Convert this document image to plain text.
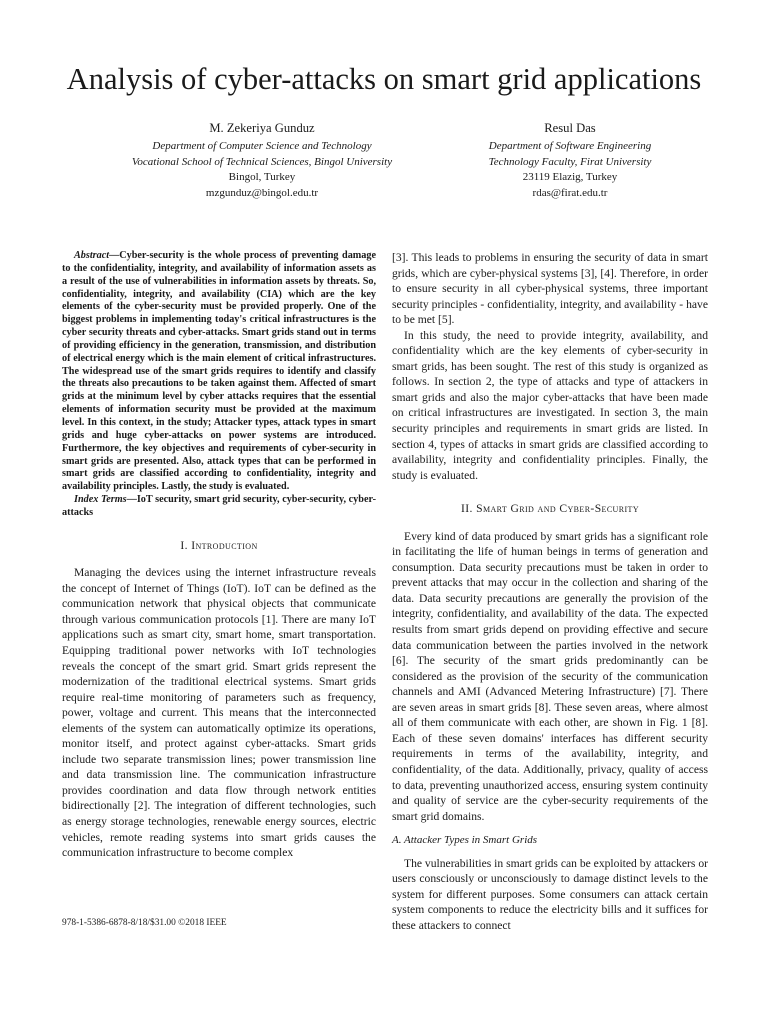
Analysis of cyber-attacks on smart grid applications
M. Zekeriya Gunduz
Department of Computer Science and Technology
Vocational School of Technical Sciences, Bingol University
Bingol, Turkey
mzgunduz@bingol.edu.tr
Resul Das
Department of Software Engineering
Technology Faculty, Firat University
23119 Elazig, Turkey
rdas@firat.edu.tr

Abstract—Cyber-security is the whole process of preventing damage to the confidentiality, integrity, and availability of information assets as a result of the use of vulnerabilities in information assets by threats. So, confidentiality, integrity, and availability (CIA) which are the key elements of the cyber-security must be provided properly. One of the biggest problems in implementing today's critical infrastructures is the cyber security threats and cyber-attacks. Smart grids stand out in terms of providing efficiency in the generation, transmission, and distribution of electrical energy which is the main element of critical infrastructures. The widespread use of the smart grids requires to identify and classify the threats also precautions to be taken against them. Affected of smart grids at the minimum level by cyber attacks requires that the essential elements of information security must be provided at the maximum level. In this context, in the study; Attacker types, attack types in smart grids and huge cyber-attacks on power systems are introduced. Furthermore, the key objectives and requirements of cyber-security in smart grids are presented. Also, attack types that can be performed in smart grids are classified according to confidentiality, integrity and availability principles. Lastly, the study is evaluated.

Index Terms—IoT security, smart grid security, cyber-security, cyber-attacks

I. Introduction

Managing the devices using the internet infrastructure reveals the concept of Internet of Things (IoT). IoT can be defined as the communication network that physical objects that communicate through various communication protocols [1]. There are many IoT applications such as smart city, smart home, smart transportation. Equipping traditional power networks with IoT technologies reveals the concept of the smart grid. Smart grids represent the modernization of the traditional electrical systems. Smart grids require real-time monitoring of parameters such as frequency, power, voltage and current. This means that the interconnected elements of the system can automatically optimize its operations, monitor itself, and protect against cyber-attacks. Smart grids include two separate transmission lines; power transmission line and data transmission line. The communication infrastructure provides coordination and data flow through network entities bidirectionally [2]. The integration of different technologies, such as energy storage technologies, renewable energy sources, electric vehicles, remote reading systems into smart grids causes the communication infrastructure to become complex

[3]. This leads to problems in ensuring the security of data in smart grids, which are cyber-physical systems [3], [4]. Therefore, in order to ensure security in all cyber-physical systems, three important security principles - confidentiality, integrity, and availability - have to be met [5].

In this study, the need to provide integrity, availability, and confidentiality which are the key elements of cyber-security in smart grids, has been sought. The rest of this study is organized as follows. In section 2, the type of attacks and type of attackers in smart grids and also the major cyber-attacks that have been made on critical infrastructures are investigated. In section 3, the main security principles and requirements in smart grids are listed. In section 4, types of attacks in smart grids are classified according to availability, integrity and confidentiality principles. Finally, the study is evaluated.

II. Smart Grid and Cyber-Security

Every kind of data produced by smart grids has a significant role in facilitating the life of human beings in terms of generation and consumption. Data security precautions must be taken in order to prevent attacks that may occur in the collection and sharing of the data. Data security precautions are generally the provision of the integrity, confidentiality, and availability of the data. The expected results from smart grids depend on providing effective and secure data communication between the parties involved in the network [6]. The security of the smart grids predominantly can be considered as the provision of the security of the communication channels and AMI (Advanced Metering Infrastructure) [7]. There are seven areas in smart grids [8]. These seven areas, where almost all of them communicate with each other, are shown in Fig. 1 [8]. Each of these seven domains' interfaces has different security requirements in terms of the availability, integrity, and confidentiality, of the data. Additionally, privacy, quality of access to data, preventing unauthorized access, ensuring system continuity and quality of service are the cyber-security requirements of the smart grid domains.

A. Attacker Types in Smart Grids

The vulnerabilities in smart grids can be exploited by attackers or users consciously or unconsciously to damage distinct levels to the system for different purposes. Some consumers can attack certain system components to reduce the electricity bills and it suffices for these attackers to connect

978-1-5386-6878-8/18/$31.00 ©2018 IEEE
